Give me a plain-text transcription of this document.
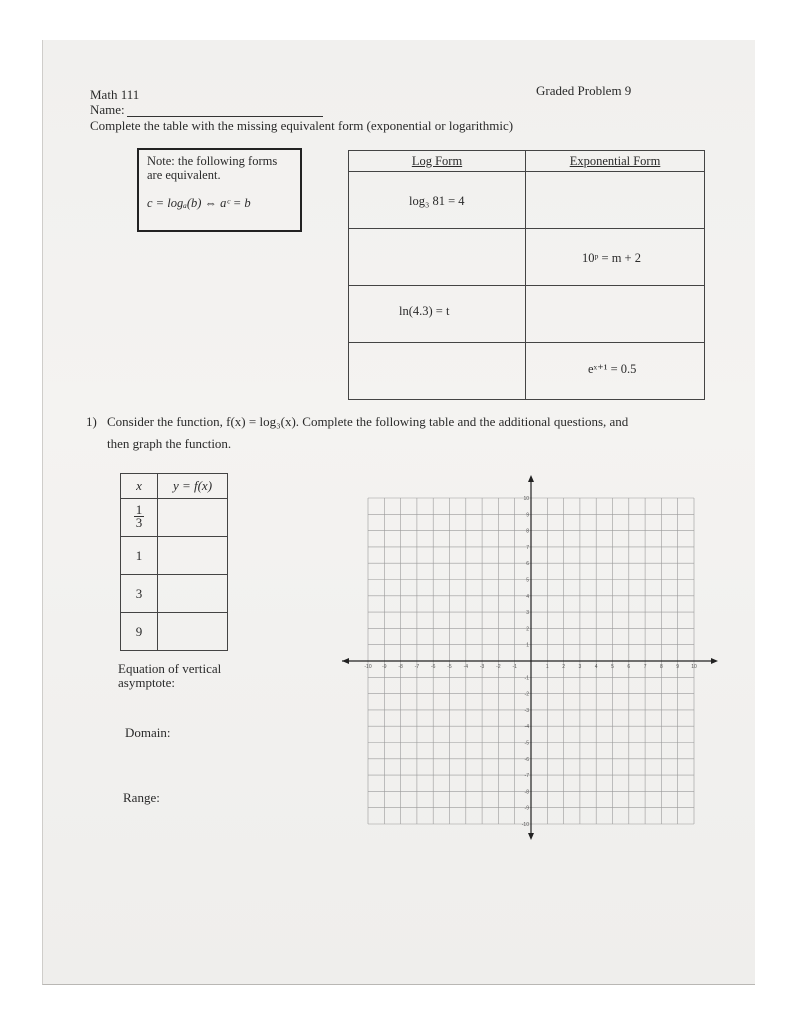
Math 111	Graded Problem 9
Name:
Complete the table with the missing equivalent form (exponential or logarithmic)
Note: the following forms are equivalent.
c = logₐ(b) ⇔ aᶜ = b
Log Form	Exponential Form

log₃ 81 = 4	

	10ᵖ = m + 2

ln(4.3) = t	

	eˣ⁺¹ = 0.5
1) Consider the function, f(x) = log₃(x). Complete the following table and the additional questions, and
then graph the function.
x	y = f(x)

$\frac{1}{3}$	
1	
3	
9	
Equation of vertical
asymptote:
Domain:
Range:
-10 -9 -8 -7 -6 -5 -4 -3 -2 -1	1	2	3	4	5	6	7	8	9 10
10
9
8
7
6
5
4
3
2
1
-1
-2
-3
-4
-5
-6
-7
-8
-9
-10
